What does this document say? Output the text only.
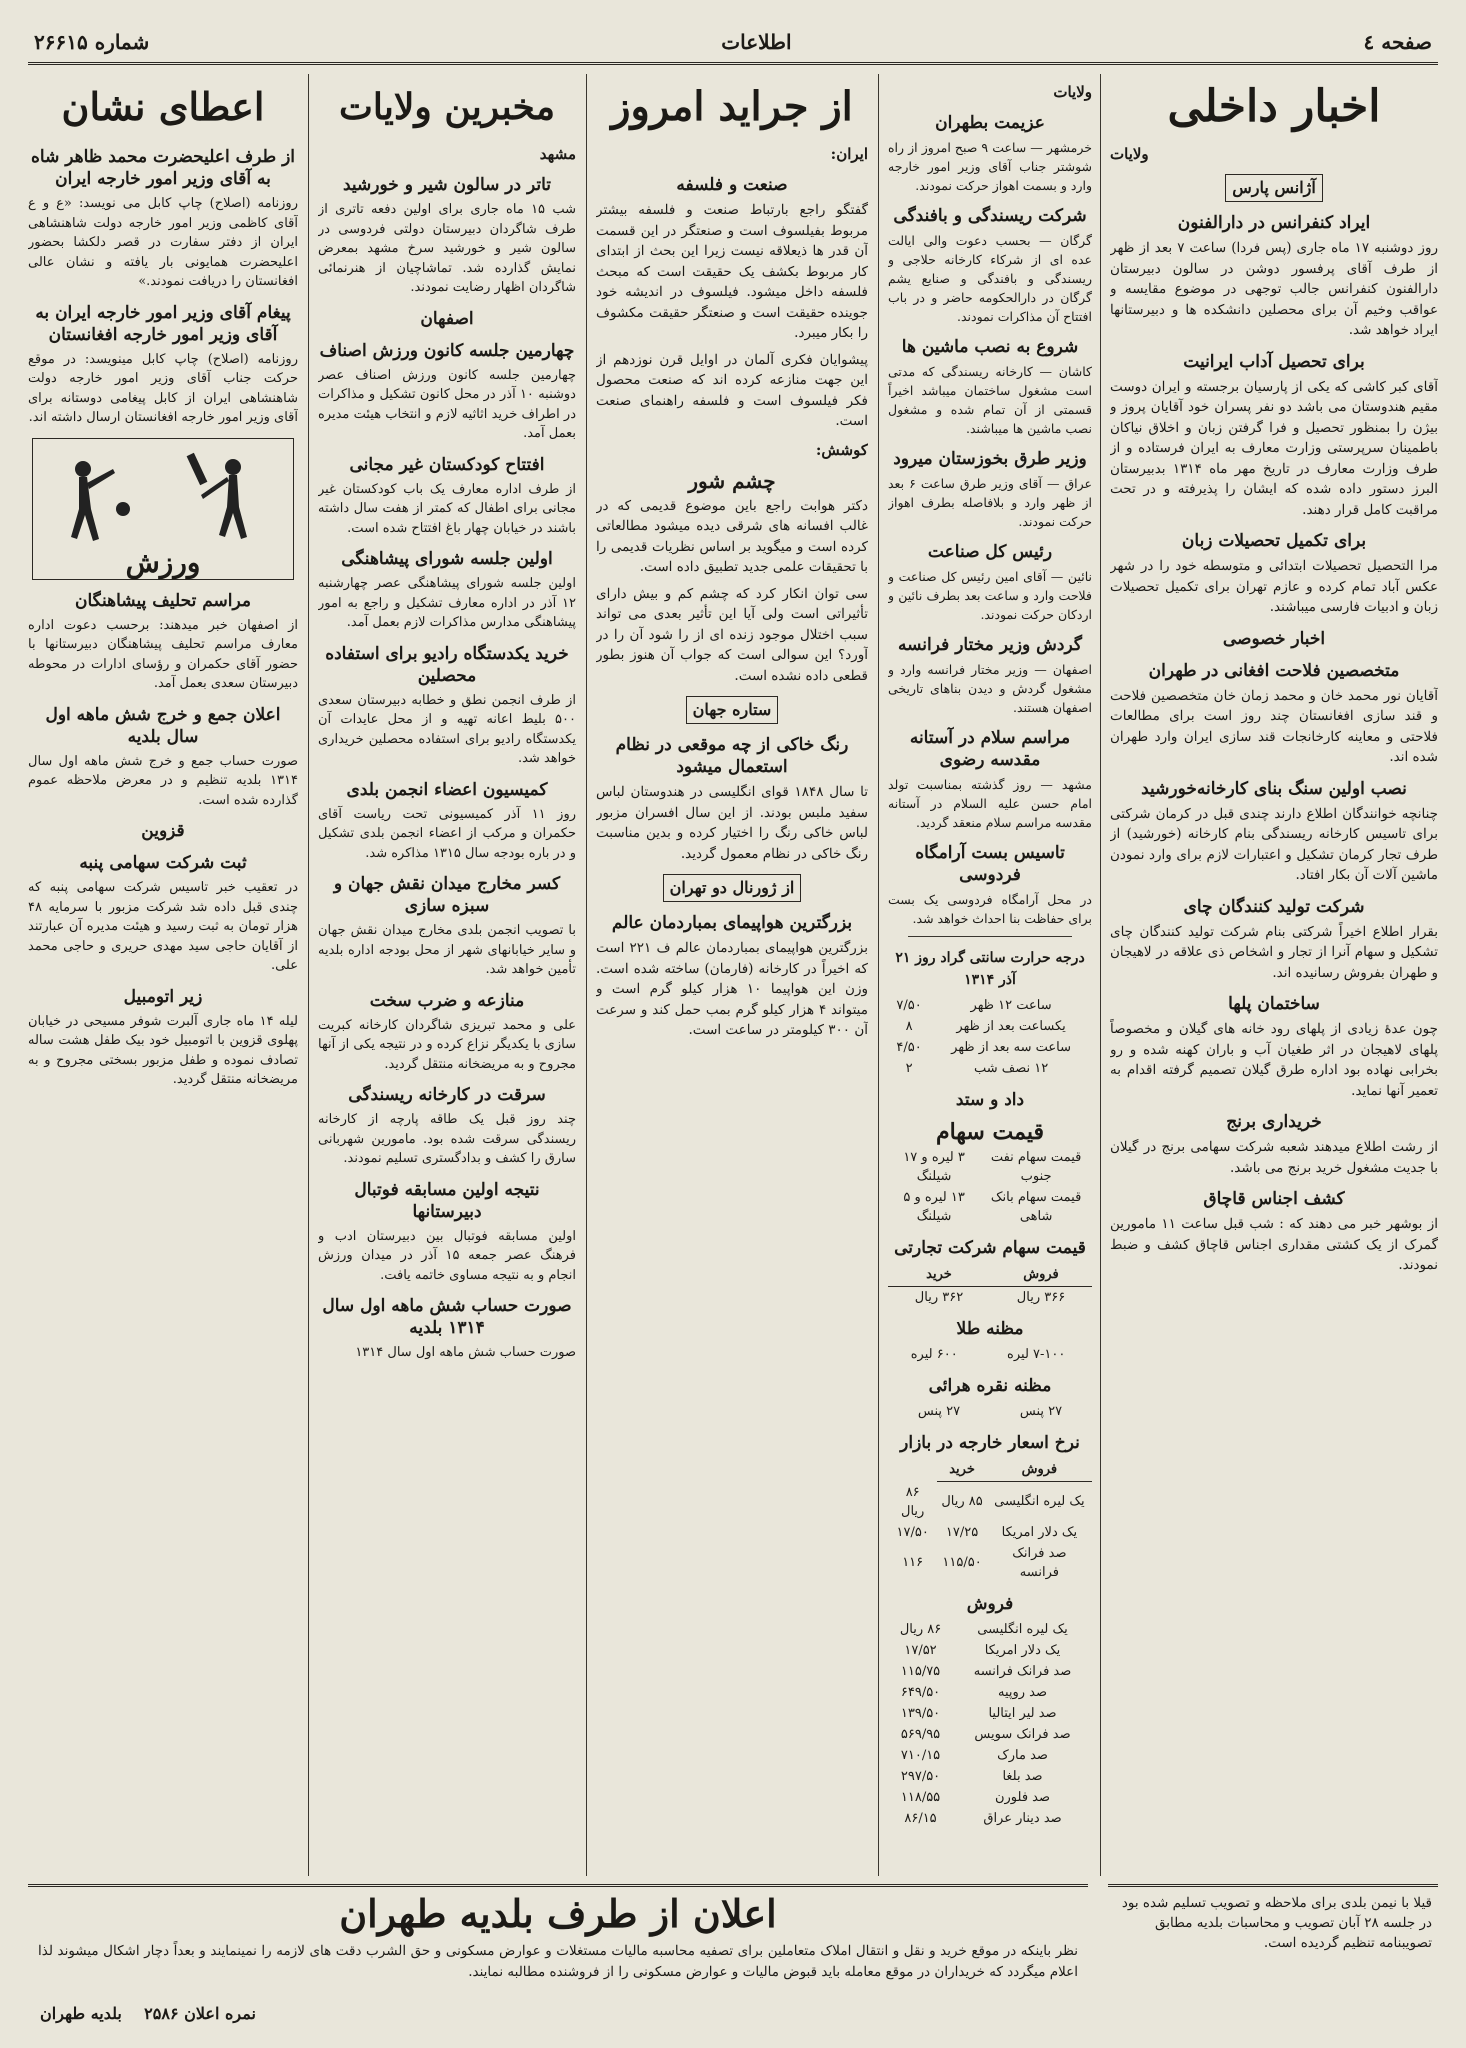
صفحه ٤
اطلاعات
شماره ۲۶۶۱۵
اخبار داخلی
ولایات
آژانس پارس
ایراد کنفرانس در دارالفنون

روز دوشنبه ۱۷ ماه جاری (پس فردا) ساعت ۷ بعد از ظهر از طرف آقای پرفسور دوشن در سالون دبیرستان دارالفنون کنفرانس جالب توجهی در موضوع مقایسه و عواقب وخیم آن برای محصلین دانشکده ها و دبیرستانها ایراد خواهد شد.

برای تحصیل آداب ایرانیت

آقای کبر کاشی که یکی از پارسیان برجسته و ایران دوست مقیم هندوستان می باشد دو نفر پسران خود آقایان پروز و بیژن را بمنظور تحصیل و فرا گرفتن زبان و اخلاق نیاکان باطمینان سرپرستی وزارت معارف به ایران فرستاده و از طرف وزارت معارف در تاریخ مهر ماه ۱۳۱۴ بدبیرستان البرز دستور داده شده که ایشان را پذیرفته و در تحت مراقبت کامل قرار دهند.

برای تکمیل تحصیلات زبان

مرا التحصیل تحصیلات ابتدائی و متوسطه خود را در شهر عکس آباد تمام کرده و عازم تهران برای تکمیل تحصیلات زبان و ادبیات فارسی میباشند.

اخبار خصوصی
متخصصین فلاحت افغانی در طهران

آقایان نور محمد خان و محمد زمان خان متخصصین فلاحت و قند سازی افغانستان چند روز است برای مطالعات فلاحتی و معاینه کارخانجات قند سازی ایران وارد طهران شده اند.

نصب اولین سنگ بنای کارخانه‌خورشید

چنانچه خوانندگان اطلاع دارند چندی قبل در کرمان شرکتی برای تاسیس کارخانه ریسندگی بنام کارخانه (خورشید) از طرف تجار کرمان تشکیل و اعتبارات لازم برای وارد نمودن ماشین آلات آن بکار افتاد.

شرکت تولید کنندگان چای

بقرار اطلاع اخیراً شرکتی بنام شرکت تولید کنندگان چای تشکیل و سهام آنرا از تجار و اشخاص ذی علاقه در لاهیجان و طهران بفروش رسانیده اند.

ساختمان پلها

چون عدهٔ زیادی از پلهای رود خانه های گیلان و مخصوصاً پلهای لاهیجان در اثر طغیان آب و باران کهنه شده و رو بخرابی نهاده بود اداره طرق گیلان تصمیم گرفته اقدام به تعمیر آنها نماید.

خریداری برنج

از رشت اطلاع میدهند شعبه شرکت سهامی برنج در گیلان با جدیت مشغول خرید برنج می باشد.

کشف اجناس قاچاق

از بوشهر خبر می دهند که : شب قبل ساعت ۱۱ مامورین گمرک از یک کشتی مقداری اجناس قاچاق کشف و ضبط نمودند.

ولایات
عزیمت بطهران

خرمشهر — ساعت ۹ صبح امروز از راه شوشتر جناب آقای وزیر امور خارجه وارد و بسمت اهواز حرکت نمودند.

شرکت ریسندگی و بافندگی

گرگان — بحسب دعوت والی ایالت عده ای از شرکاء کارخانه حلاجی و ریسندگی و بافندگی و صنایع یشم گرگان در دارالحکومه حاضر و در باب افتتاح آن مذاکرات نمودند.

شروع به نصب ماشین ها

کاشان — کارخانه ریسندگی که مدتی است مشغول ساختمان میباشد اخیراً قسمتی از آن تمام شده و مشغول نصب ماشین ها میباشند.

وزیر طرق بخوزستان میرود

عراق — آقای وزیر طرق ساعت ۶ بعد از ظهر وارد و بلافاصله بطرف اهواز حرکت نمودند.

رئیس کل صناعت

نائین — آقای امین رئیس کل صناعت و فلاحت وارد و ساعت بعد بطرف نائین و اردکان حرکت نمودند.

گردش وزیر مختار فرانسه

اصفهان — وزیر مختار فرانسه وارد و مشغول گردش و دیدن بناهای تاریخی اصفهان هستند.

مراسم سلام در آستانه مقدسه رضوی

مشهد — روز گذشته بمناسبت تولد امام حسن علیه السلام در آستانه مقدسه مراسم سلام منعقد گردید.

تاسیس بست آرامگاه فردوسی

در محل آرامگاه فردوسی یک بست برای حفاظت بنا احداث خواهد شد.

درجه حرارت سانتی گراد روز ۲۱ آذر ۱۳۱۴
ساعت ۱۲ ظهر	۷/۵۰
یکساعت بعد از ظهر	۸
ساعت سه بعد از ظهر	۴/۵۰
۱۲ نصف شب	۲
داد و ستد
قیمت سهام
قیمت سهام نفت جنوب	۳ لیره و ۱۷ شیلنگ
قیمت سهام بانک شاهی	۱۳ لیره و ۵ شیلنگ
قیمت سهام شرکت تجارتی
فروش	خرید
۳۶۶ ریال	۳۶۲ ریال
مظنه طلا
۷-۱۰۰ لیره	۶۰۰ لیره
مظنه نقره هرائی
۲۷ پنس	۲۷ پنس
نرخ اسعار خارجه در بازار
فروش	خرید	
یک لیره انگلیسی	۸۵ ریال	۸۶ ریال
یک دلار امریکا	۱۷/۲۵	۱۷/۵۰
صد فرانک فرانسه	۱۱۵/۵۰	۱۱۶
فروش
یک لیره انگلیسی	۸۶ ریال
یک دلار امریکا	۱۷/۵۲
صد فرانک فرانسه	۱۱۵/۷۵
صد روپیه	۶۴۹/۵۰
صد لیر ایتالیا	۱۳۹/۵۰
صد فرانک سویس	۵۶۹/۹۵
صد مارک	۷۱۰/۱۵
صد بلغا	۲۹۷/۵۰
صد فلورن	۱۱۸/۵۵
صد دینار عراق	۸۶/۱۵
از جراید امروز
ایران:
صنعت و فلسفه

گفتگو راجع بارتباط صنعت و فلسفه بیشتر مربوط بفیلسوف است و صنعتگر در این قسمت آن قدر ها ذیعلاقه نیست زیرا این بحث از ابتدای کار مربوط بکشف یک حقیقت است که مبحث فلسفه داخل میشود. فیلسوف در اندیشه خود جوینده حقیقت است و صنعتگر حقیقت مکشوف را بکار میبرد.

پیشوایان فکری آلمان در اوایل قرن نوزدهم از این جهت منازعه کرده اند که صنعت محصول فکر فیلسوف است و فلسفه راهنمای صنعت است.

کوشش:
چشم شور

دکتر هوابت راجع باین موضوع قدیمی که در غالب افسانه های شرقی دیده میشود مطالعاتی کرده است و میگوید بر اساس نظریات قدیمی را با تحقیقات علمی جدید تطبیق داده است.

سی توان انکار کرد که چشم کم و بیش دارای تأثیراتی است ولی آیا این تأثیر بعدی می تواند سبب اختلال موجود زنده ای از را شود آن را در آورد؟ این سوالی است که جواب آن هنوز بطور قطعی داده نشده است.

ستاره جهان
رنگ خاکی از چه موقعی در نظام استعمال میشود

تا سال ۱۸۴۸ قوای انگلیسی در هندوستان لباس سفید ملبس بودند. از این سال افسران مزبور لباس خاکی رنگ را اختیار کرده و بدین مناسبت رنگ خاکی در نظام معمول گردید.

از ژورنال دو تهران
بزرگترین هواپیمای بمباردمان عالم

بزرگترین هواپیمای بمباردمان عالم ف ۲۲۱ است که اخیراً در کارخانه (فارمان) ساخته شده است. وزن این هواپیما ۱۰ هزار کیلو گرم است و میتواند ۴ هزار کیلو گرم بمب حمل کند و سرعت آن ۳۰۰ کیلومتر در ساعت است.

مخبرین ولایات
مشهد
تاتر در سالون شیر و خورشید

شب ۱۵ ماه جاری برای اولین دفعه تاتری از طرف شاگردان دبیرستان دولتی فردوسی در سالون شیر و خورشید سرخ مشهد بمعرض نمایش گذارده شد. تماشاچیان از هنرنمائی شاگردان اظهار رضایت نمودند.

اصفهان
چهارمین جلسه کانون ورزش اصناف

چهارمین جلسه کانون ورزش اصناف عصر دوشنبه ۱۰ آذر در محل کانون تشکیل و مذاکرات در اطراف خرید اثاثیه لازم و انتخاب هیئت مدیره بعمل آمد.

افتتاح کودکستان غیر مجانی

از طرف اداره معارف یک باب کودکستان غیر مجانی برای اطفال که کمتر از هفت سال داشته باشند در خیابان چهار باغ افتتاح شده است.

اولین جلسه شورای پیشاهنگی

اولین جلسه شورای پیشاهنگی عصر چهارشنبه ۱۲ آذر در اداره معارف تشکیل و راجع به امور پیشاهنگی مدارس مذاکرات لازم بعمل آمد.

خرید یکدستگاه رادیو برای استفاده محصلین

از طرف انجمن نطق و خطابه دبیرستان سعدی ۵۰۰ بلیط اعانه تهیه و از محل عایدات آن یکدستگاه رادیو برای استفاده محصلین خریداری خواهد شد.

کمیسیون اعضاء انجمن بلدی

روز ۱۱ آذر کمیسیونی تحت ریاست آقای حکمران و مرکب از اعضاء انجمن بلدی تشکیل و در باره بودجه سال ۱۳۱۵ مذاکره شد.

کسر مخارج میدان نقش جهان و سبزه سازی

با تصویب انجمن بلدی مخارج میدان نقش جهان و سایر خیابانهای شهر از محل بودجه اداره بلدیه تأمین خواهد شد.

منازعه و ضرب سخت

علی و محمد تبریزی شاگردان کارخانه کبریت سازی با یکدیگر نزاع کرده و در نتیجه یکی از آنها مجروح و به مریضخانه منتقل گردید.

سرقت در کارخانه ریسندگی

چند روز قبل یک طاقه پارچه از کارخانه ریسندگی سرقت شده بود. مامورین شهربانی سارق را کشف و بدادگستری تسلیم نمودند.

نتیجه اولین مسابقه فوتبال دبیرستانها

اولین مسابقه فوتبال بین دبیرستان ادب و فرهنگ عصر جمعه ۱۵ آذر در میدان ورزش انجام و به نتیجه مساوی خاتمه یافت.

صورت حساب شش ماهه اول سال ۱۳۱۴ بلدیه

صورت حساب شش ماهه اول سال ۱۳۱۴

اعطای نشان
از طرف اعلیحضرت محمد ظاهر شاه به آقای وزیر امور خارجه ایران

روزنامه (اصلاح) چاپ کابل می نویسد: «ع و ع آقای کاظمی وزیر امور خارجه دولت شاهنشاهی ایران از دفتر سفارت در قصر دلکشا بحضور اعلیحضرت همایونی بار یافته و نشان عالی افغانستان را دریافت نمودند.»

پیغام آقای وزیر امور خارجه ایران به آقای وزیر امور خارجه افغانستان

روزنامه (اصلاح) چاپ کابل مینویسد: در موقع حرکت جناب آقای وزیر امور خارجه دولت شاهنشاهی ایران از کابل پیغامی دوستانه برای آقای وزیر امور خارجه افغانستان ارسال داشته اند.

ورزش
مراسم تحلیف پیشاهنگان

از اصفهان خبر میدهند: برحسب دعوت اداره معارف مراسم تحلیف پیشاهنگان دبیرستانها با حضور آقای حکمران و رؤسای ادارات در محوطه دبیرستان سعدی بعمل آمد.

اعلان جمع و خرج شش ماهه اول سال بلدیه

صورت حساب جمع و خرج شش ماهه اول سال ۱۳۱۴ بلدیه تنظیم و در معرض ملاحظه عموم گذارده شده است.

قزوین
ثبت شرکت سهامی پنبه

در تعقیب خبر تاسیس شرکت سهامی پنبه که چندی قبل داده شد شرکت مزبور با سرمایه ۴۸ هزار تومان به ثبت رسید و هیئت مدیره آن عبارتند از آقایان حاجی سید مهدی حریری و حاجی محمد علی.

زیر اتومبیل

لیله ۱۴ ماه جاری آلبرت شوفر مسیحی در خیابان پهلوی قزوین با اتومبیل خود بیک طفل هشت ساله تصادف نموده و طفل مزبور بسختی مجروح و به مریضخانه منتقل گردید.

اعلان از طرف بلدیه طهران

نظر باینکه در موقع خرید و نقل و انتقال املاک متعاملین برای تصفیه محاسبه مالیات مستغلات و عوارض مسکونی و حق الشرب دقت های لازمه را نمینمایند و بعداً دچار اشکال میشوند لذا اعلام میگردد که خریداران در موقع معامله باید قبوض مالیات و عوارض مسکونی را از فروشنده مطالبه نمایند.

نمره اعلان ۲۵۸۶    بلدیه طهران

قیلا با نیمن بلدی برای ملاحظه و تصویب تسلیم شده بود در جلسه ۲۸ آبان تصویب و محاسبات بلدیه مطابق تصویبنامه تنظیم گردیده است.
